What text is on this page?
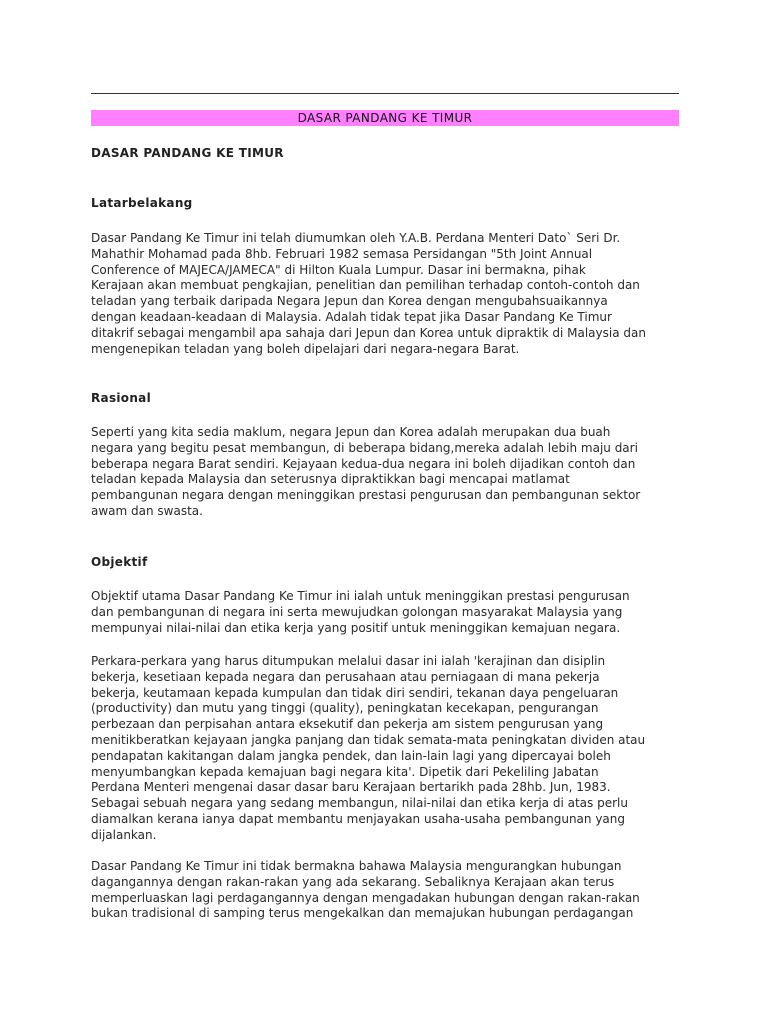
DASAR PANDANG KE TIMUR
DASAR PANDANG KE TIMUR
Latarbelakang

Dasar Pandang Ke Timur ini telah diumumkan oleh Y.A.B. Perdana Menteri Dato` Seri Dr.
Mahathir Mohamad pada 8hb. Februari 1982 semasa Persidangan "5th Joint Annual
Conference of MAJECA/JAMECA" di Hilton Kuala Lumpur. Dasar ini bermakna, pihak
Kerajaan akan membuat pengkajian, penelitian dan pemilihan terhadap contoh-contoh dan
teladan yang terbaik daripada Negara Jepun dan Korea dengan mengubahsuaikannya
dengan keadaan-keadaan di Malaysia. Adalah tidak tepat jika Dasar Pandang Ke Timur
ditakrif sebagai mengambil apa sahaja dari Jepun dan Korea untuk dipraktik di Malaysia dan
mengenepikan teladan yang boleh dipelajari dari negara-negara Barat.

Rasional

Seperti yang kita sedia maklum, negara Jepun dan Korea adalah merupakan dua buah
negara yang begitu pesat membangun, di beberapa bidang,mereka adalah lebih maju dari
beberapa negara Barat sendiri. Kejayaan kedua-dua negara ini boleh dijadikan contoh dan
teladan kepada Malaysia dan seterusnya dipraktikkan bagi mencapai matlamat
pembangunan negara dengan meninggikan prestasi pengurusan dan pembangunan sektor
awam dan swasta.

Objektif

Objektif utama Dasar Pandang Ke Timur ini ialah untuk meninggikan prestasi pengurusan
dan pembangunan di negara ini serta mewujudkan golongan masyarakat Malaysia yang
mempunyai nilai-nilai dan etika kerja yang positif untuk meninggikan kemajuan negara.

Perkara-perkara yang harus ditumpukan melalui dasar ini ialah 'kerajinan dan disiplin
bekerja, kesetiaan kepada negara dan perusahaan atau perniagaan di mana pekerja
bekerja, keutamaan kepada kumpulan dan tidak diri sendiri, tekanan daya pengeluaran
(productivity) dan mutu yang tinggi (quality), peningkatan kecekapan, pengurangan
perbezaan dan perpisahan antara eksekutif dan pekerja am sistem pengurusan yang
menitikberatkan kejayaan jangka panjang dan tidak semata-mata peningkatan dividen atau
pendapatan kakitangan dalam jangka pendek, dan lain-lain lagi yang dipercayai boleh
menyumbangkan kepada kemajuan bagi negara kita'. Dipetik dari Pekeliling Jabatan
Perdana Menteri mengenai dasar dasar baru Kerajaan bertarikh pada 28hb. Jun, 1983.
Sebagai sebuah negara yang sedang membangun, nilai-nilai dan etika kerja di atas perlu
diamalkan kerana ianya dapat membantu menjayakan usaha-usaha pembangunan yang
dijalankan.

Dasar Pandang Ke Timur ini tidak bermakna bahawa Malaysia mengurangkan hubungan
dagangannya dengan rakan-rakan yang ada sekarang. Sebaliknya Kerajaan akan terus
memperluaskan lagi perdagangannya dengan mengadakan hubungan dengan rakan-rakan
bukan tradisional di samping terus mengekalkan dan memajukan hubungan perdagangan
